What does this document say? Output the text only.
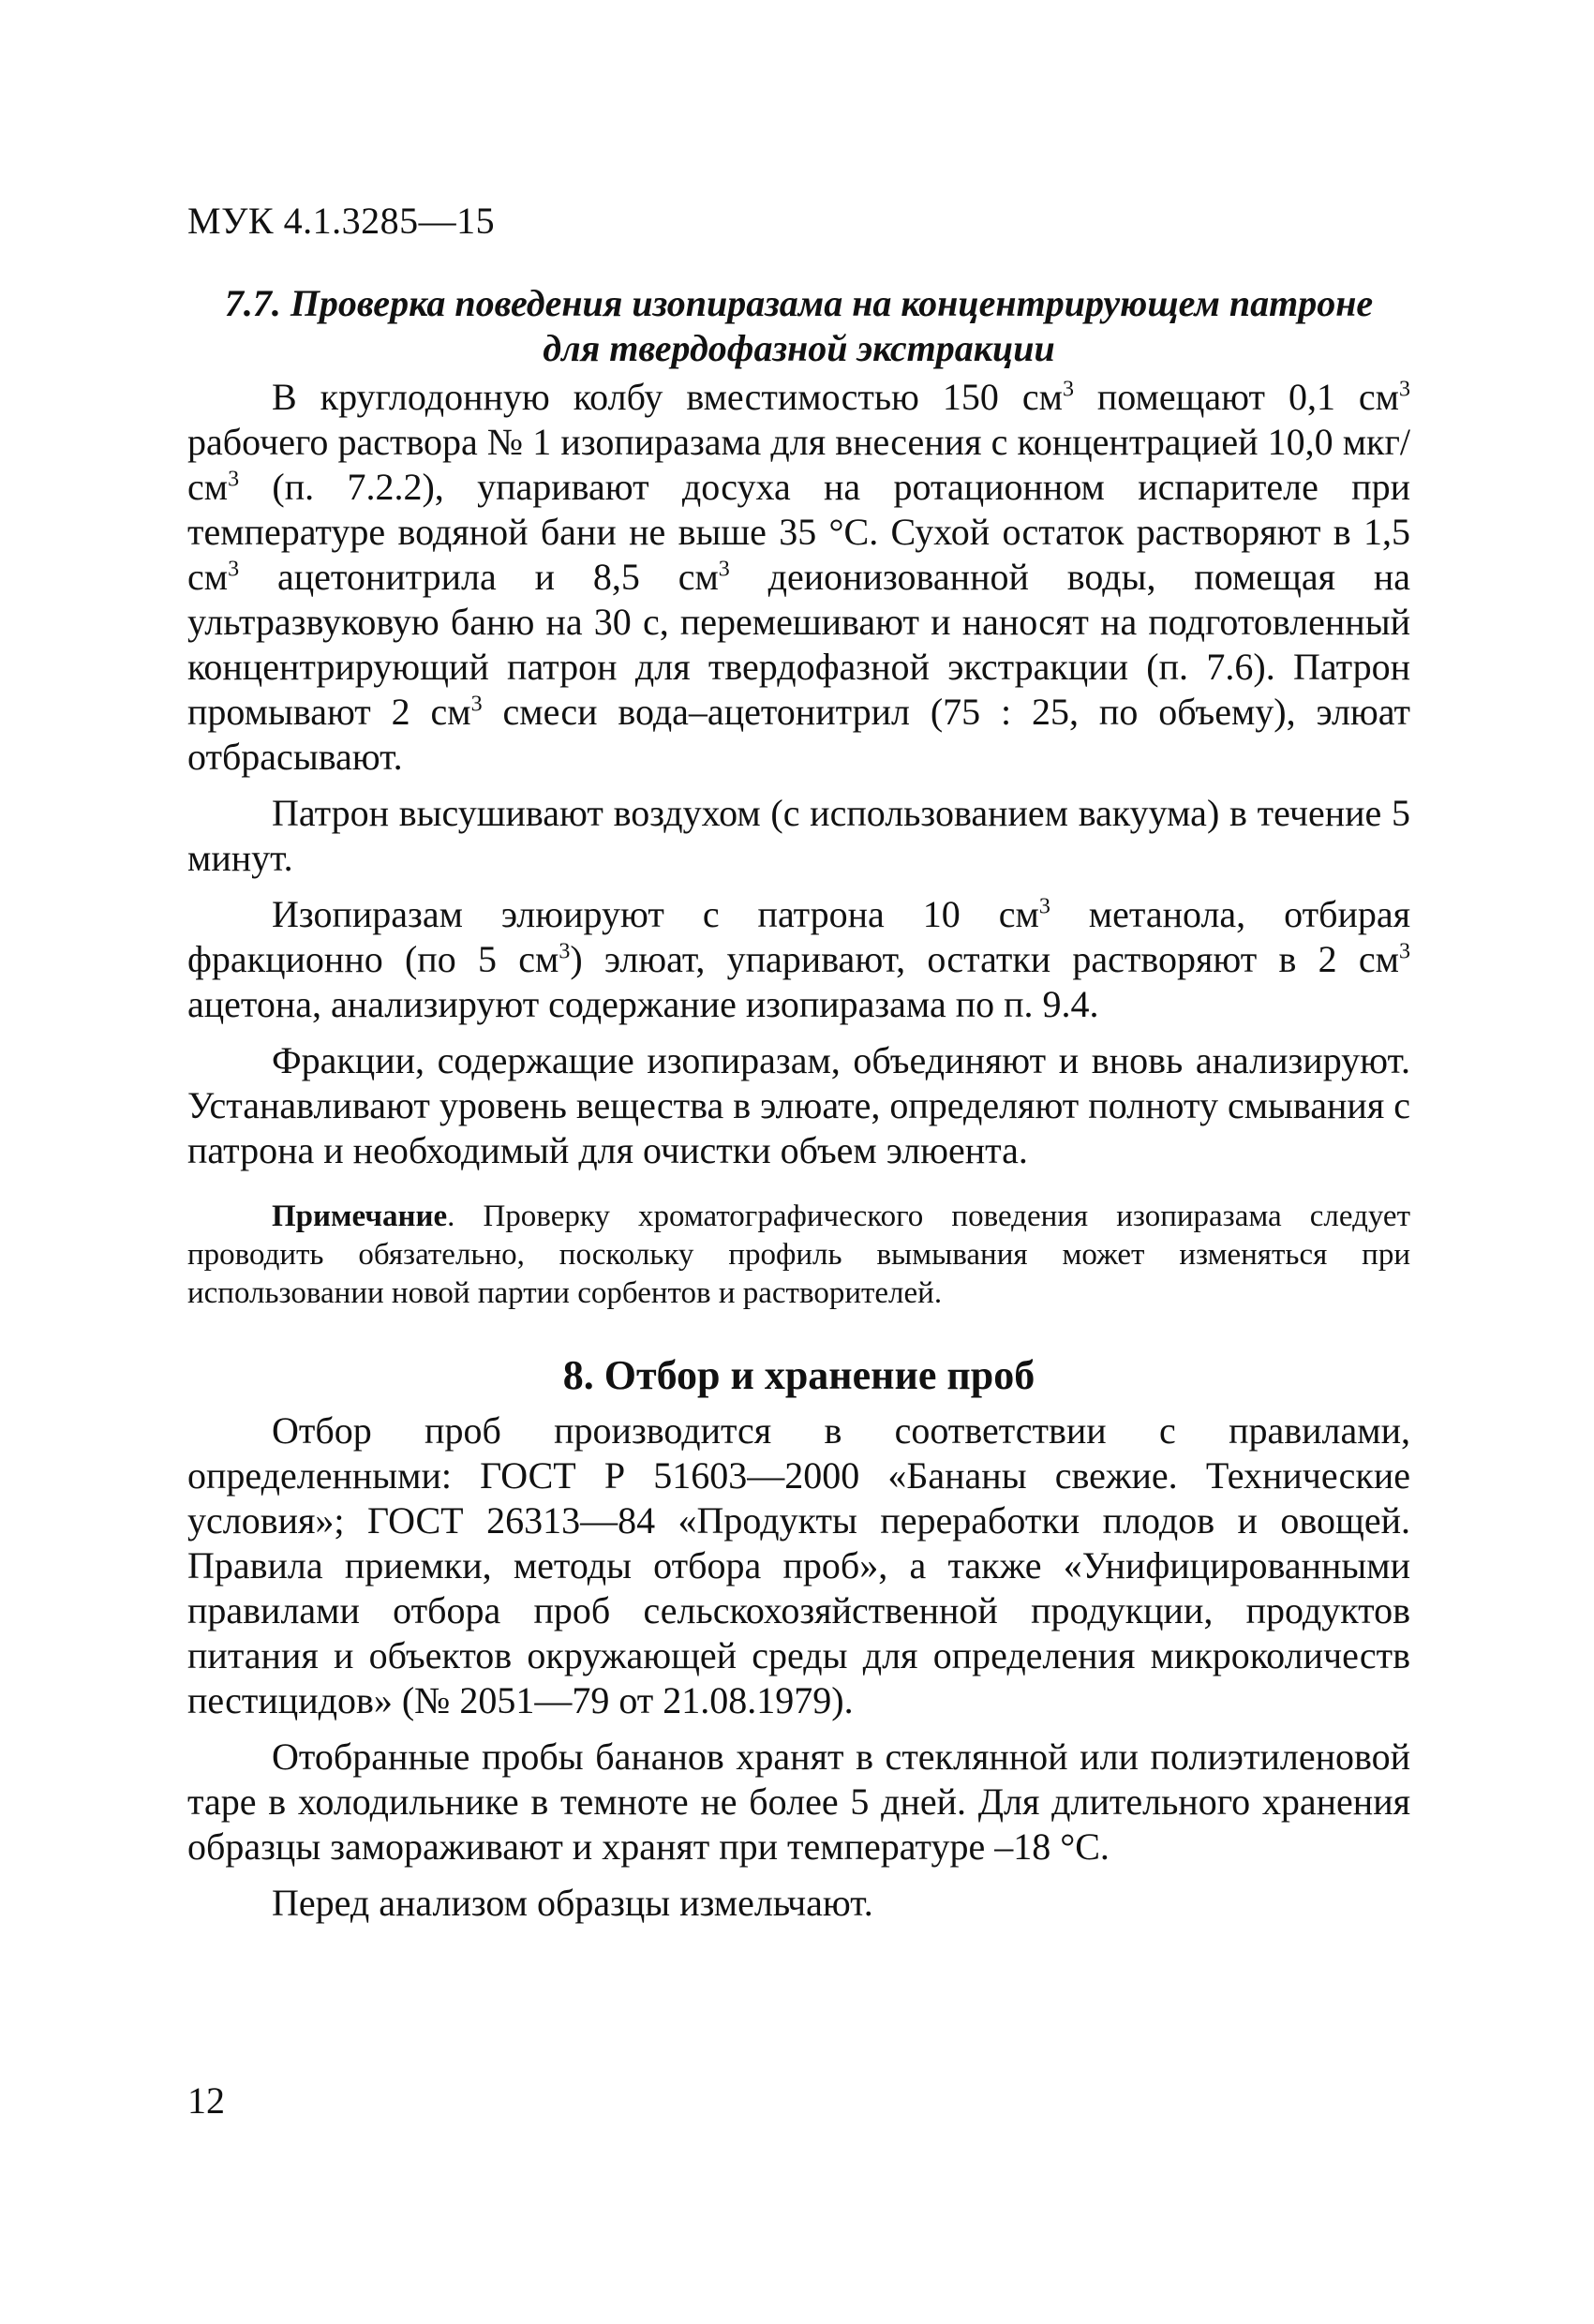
МУК 4.1.3285—15
7.7. Проверка поведения изопиразама на концентрирующем патроне
для твердофазной экстракции

В круглодонную колбу вместимостью 150 $см^3$ помещают 0,1 $см^3$ рабочего раствора № 1 изопиразама для внесения с концентрацией 10,0 мкг/$см^3$ (п. 7.2.2), упаривают досуха на ротационном испарителе при температуре водяной бани не выше 35 °С. Сухой остаток растворяют в 1,5 $см^3$ ацетонитрила и 8,5 $см^3$ деионизованной воды, помещая на ультразвуковую баню на 30 с, перемешивают и наносят на подготовленный концентрирующий патрон для твердофазной экстракции (п. 7.6). Патрон промывают 2 $см^3$ смеси вода–ацетонитрил (75 : 25, по объему), элюат отбрасывают.

Патрон высушивают воздухом (с использованием вакуума) в течение 5 минут.

Изопиразам элюируют с патрона 10 $см^3$ метанола, отбирая фракционно (по 5 $см^3$) элюат, упаривают, остатки растворяют в 2 $см^3$ ацетона, анализируют содержание изопиразама по п. 9.4.

Фракции, содержащие изопиразам, объединяют и вновь анализируют. Устанавливают уровень вещества в элюате, определяют полноту смывания с патрона и необходимый для очистки объем элюента.

Примечание. Проверку хроматографического поведения изопиразама следует проводить обязательно, поскольку профиль вымывания может изменяться при использовании новой партии сорбентов и растворителей.

8. Отбор и хранение проб

Отбор проб производится в соответствии с правилами, определенными: ГОСТ Р 51603—2000 «Бананы свежие. Технические условия»; ГОСТ 26313—84 «Продукты переработки плодов и овощей. Правила приемки, методы отбора проб», а также «Унифицированными правилами отбора проб сельскохозяйственной продукции, продуктов питания и объектов окружающей среды для определения микроколичеств пестицидов» (№ 2051—79 от 21.08.1979).

Отобранные пробы бананов хранят в стеклянной или полиэтиленовой таре в холодильнике в темноте не более 5 дней. Для длительного хранения образцы замораживают и хранят при температуре –18 °С.

Перед анализом образцы измельчают.

12
